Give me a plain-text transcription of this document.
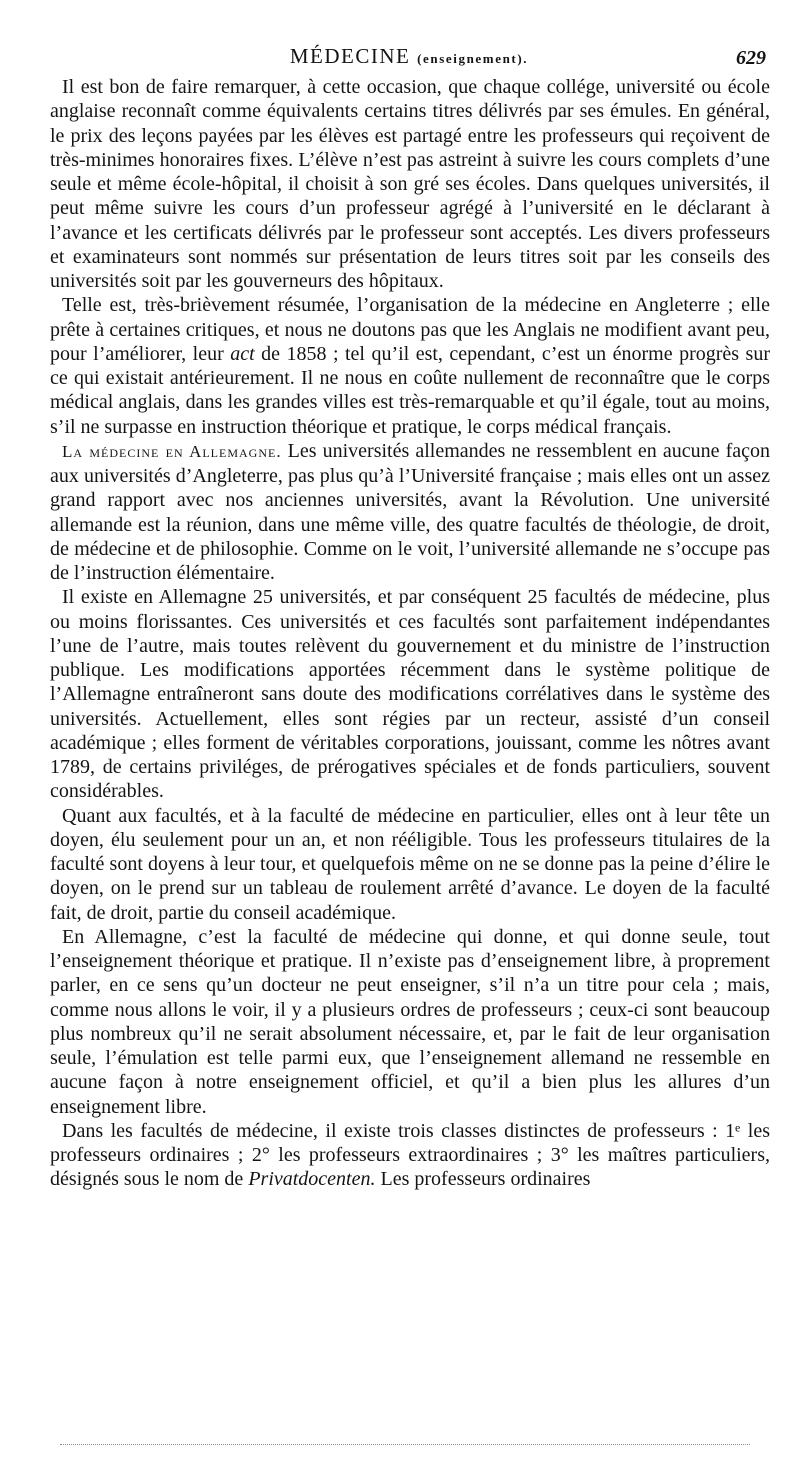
MÉDECINE (enseignement).	629

Il est bon de faire remarquer, à cette occasion, que chaque collége, université ou école anglaise reconnaît comme équivalents certains titres délivrés par ses émules. En général, le prix des leçons payées par les élèves est partagé entre les professeurs qui reçoivent de très-minimes honoraires fixes. L’élève n’est pas astreint à suivre les cours complets d’une seule et même école-hôpital, il choisit à son gré ses écoles. Dans quelques universités, il peut même suivre les cours d’un professeur agrégé à l’université en le déclarant à l’avance et les certificats délivrés par le professeur sont acceptés. Les divers professeurs et examinateurs sont nommés sur présentation de leurs titres soit par les conseils des universités soit par les gouverneurs des hôpitaux.

Telle est, très-brièvement résumée, l’organisation de la médecine en Angleterre ; elle prête à certaines critiques, et nous ne doutons pas que les Anglais ne modifient avant peu, pour l’améliorer, leur act de 1858 ; tel qu’il est, cependant, c’est un énorme progrès sur ce qui existait antérieurement. Il ne nous en coûte nullement de reconnaître que le corps médical anglais, dans les grandes villes est très-remarquable et qu’il égale, tout au moins, s’il ne surpasse en instruction théorique et pratique, le corps médical français.

La médecine en Allemagne. Les universités allemandes ne ressemblent en aucune façon aux universités d’Angleterre, pas plus qu’à l’Université française ; mais elles ont un assez grand rapport avec nos anciennes universités, avant la Révolution. Une université allemande est la réunion, dans une même ville, des quatre facultés de théologie, de droit, de médecine et de philosophie. Comme on le voit, l’université allemande ne s’occupe pas de l’instruction élémentaire.

Il existe en Allemagne 25 universités, et par conséquent 25 facultés de médecine, plus ou moins florissantes. Ces universités et ces facultés sont parfaitement indépendantes l’une de l’autre, mais toutes relèvent du gouvernement et du ministre de l’instruction publique. Les modifications apportées récemment dans le système politique de l’Allemagne entraîneront sans doute des modifications corrélatives dans le système des universités. Actuellement, elles sont régies par un recteur, assisté d’un conseil académique ; elles forment de véritables corporations, jouissant, comme les nôtres avant 1789, de certains priviléges, de prérogatives spéciales et de fonds particuliers, souvent considérables.

Quant aux facultés, et à la faculté de médecine en particulier, elles ont à leur tête un doyen, élu seulement pour un an, et non rééligible. Tous les professeurs titulaires de la faculté sont doyens à leur tour, et quelquefois même on ne se donne pas la peine d’élire le doyen, on le prend sur un tableau de roulement arrêté d’avance. Le doyen de la faculté fait, de droit, partie du conseil académique.

En Allemagne, c’est la faculté de médecine qui donne, et qui donne seule, tout l’enseignement théorique et pratique. Il n’existe pas d’enseignement libre, à proprement parler, en ce sens qu’un docteur ne peut enseigner, s’il n’a un titre pour cela ; mais, comme nous allons le voir, il y a plusieurs ordres de professeurs ; ceux-ci sont beaucoup plus nombreux qu’il ne serait absolument nécessaire, et, par le fait de leur organisation seule, l’émulation est telle parmi eux, que l’enseignement allemand ne ressemble en aucune façon à notre enseignement officiel, et qu’il a bien plus les allures d’un enseignement libre.

Dans les facultés de médecine, il existe trois classes distinctes de professeurs : 1ᵉ les professeurs ordinaires ; 2° les professeurs extraordinaires ; 3° les maîtres particuliers, désignés sous le nom de Privatdocenten. Les professeurs ordinaires
